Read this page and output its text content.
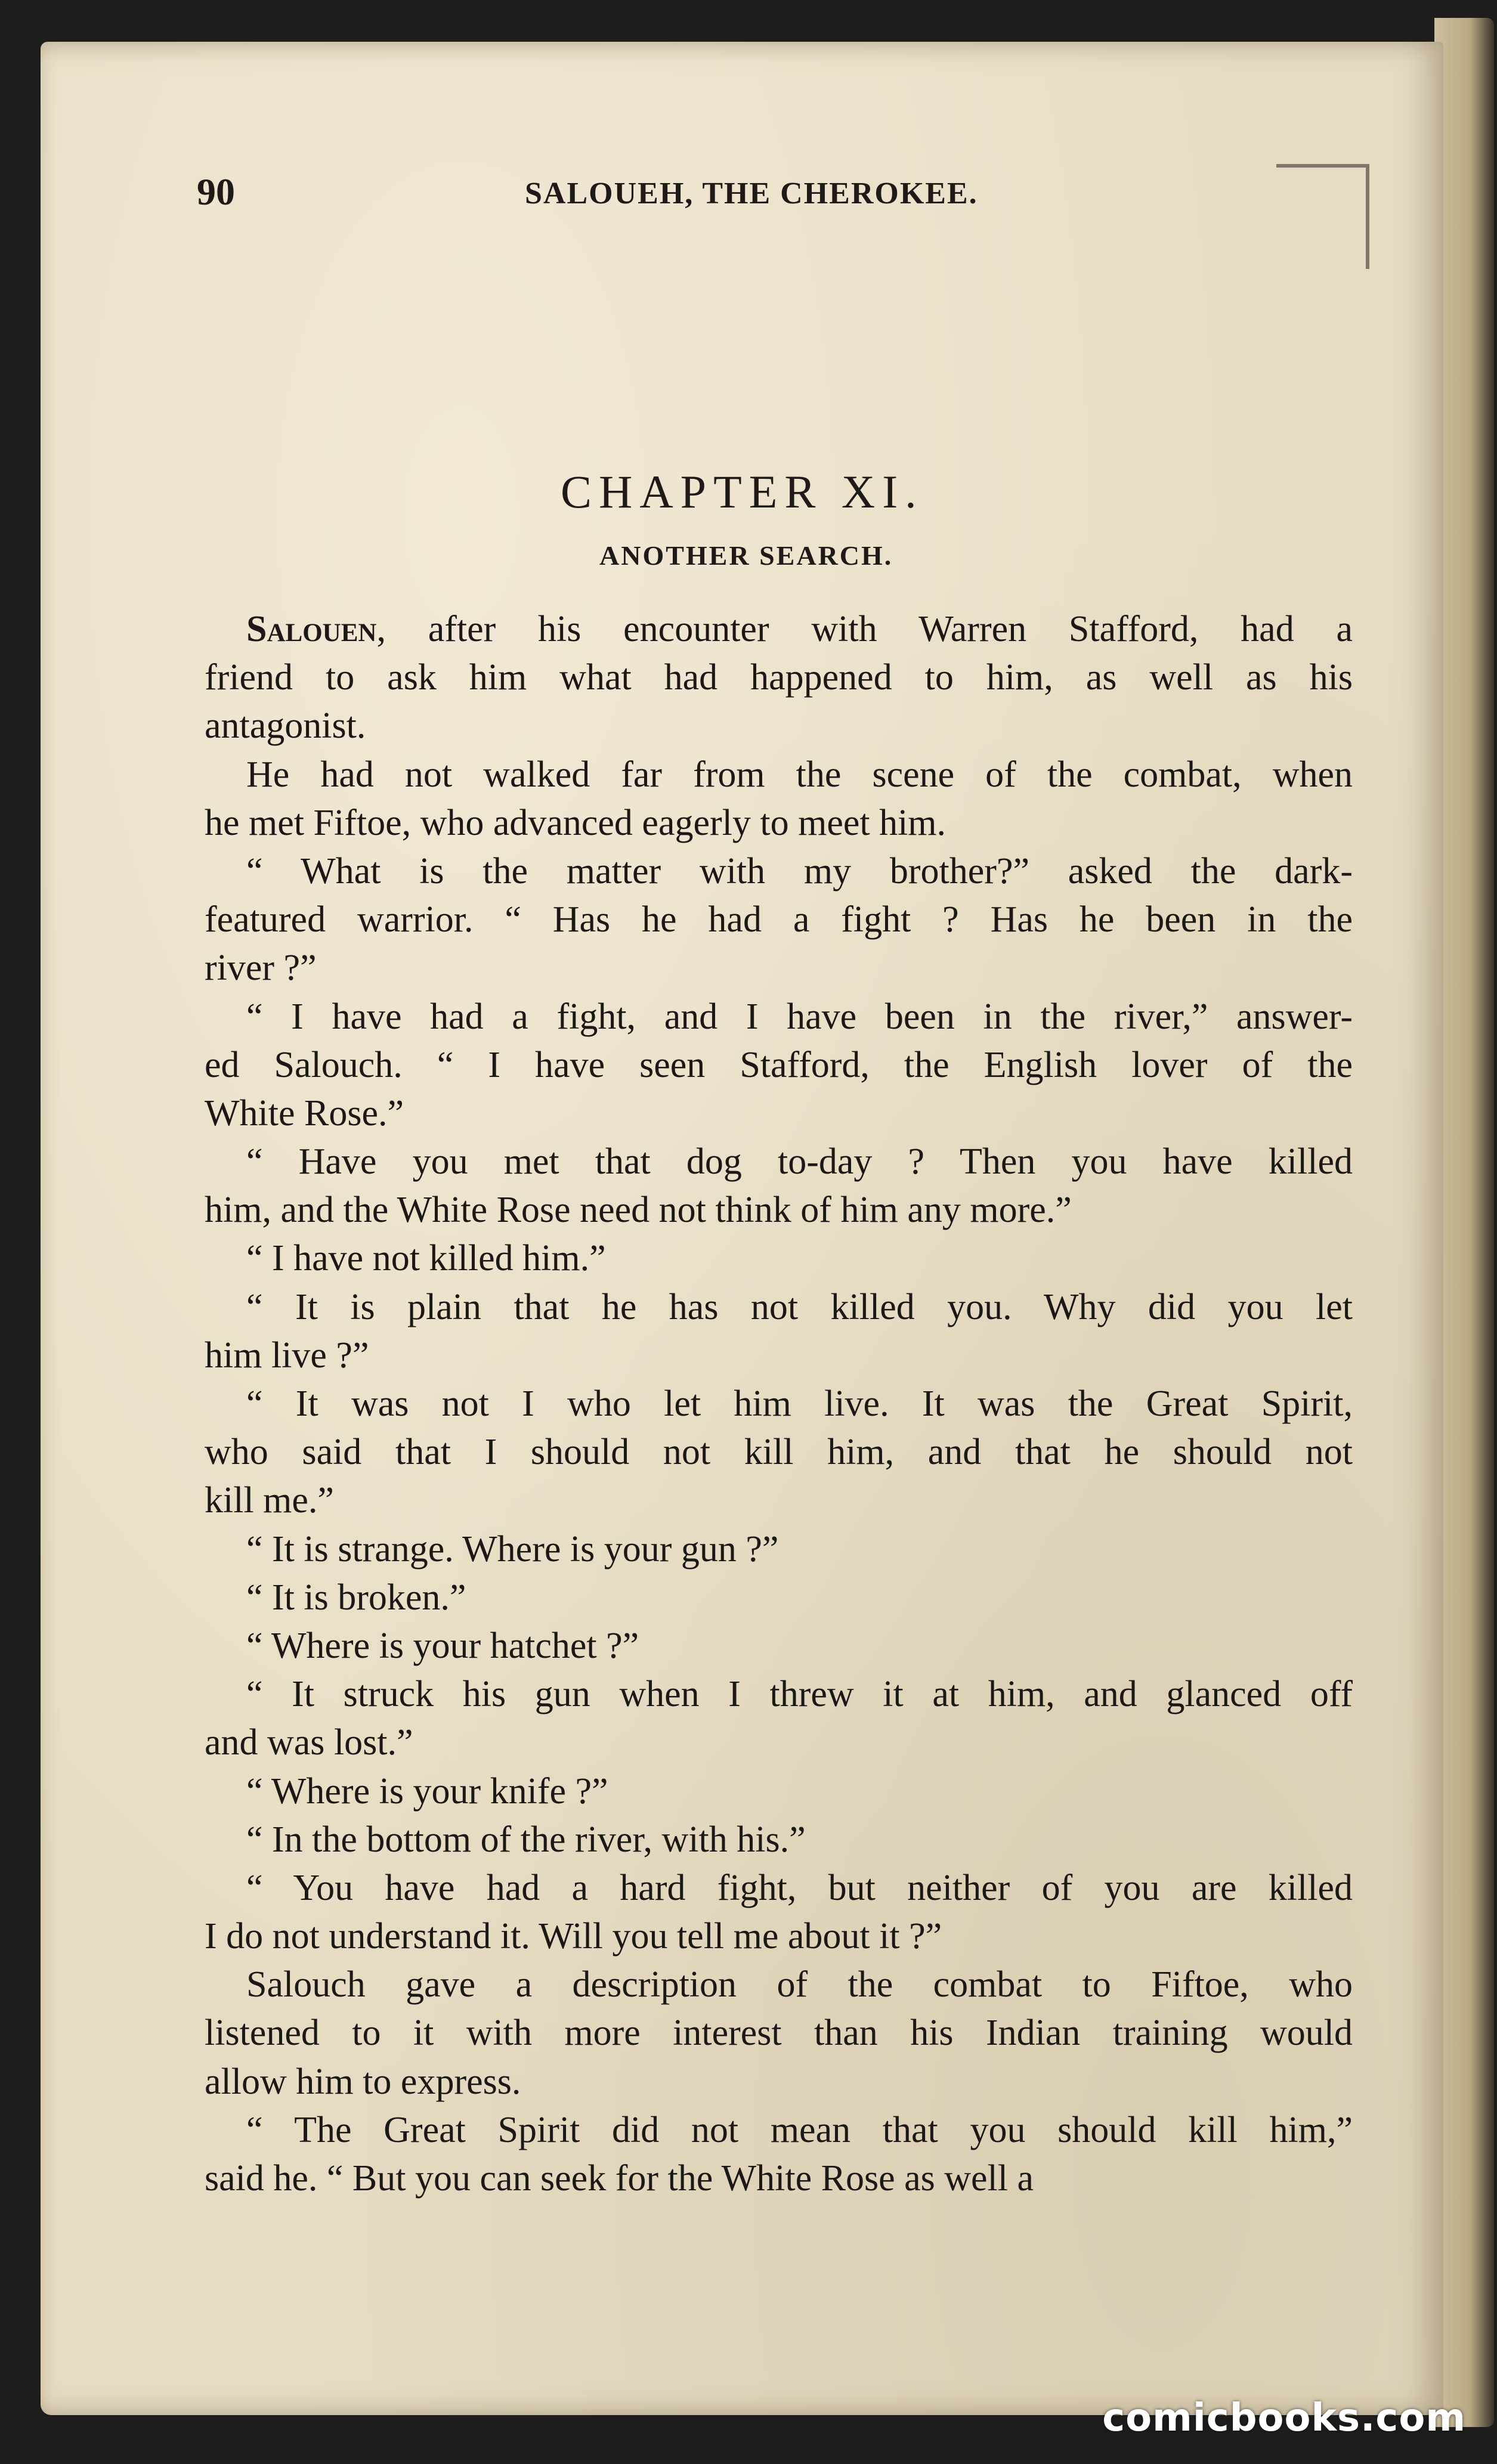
90	SALOUEH, THE CHEROKEE.
CHAPTER XI.
ANOTHER SEARCH.
Salouen, after his encounter with Warren Stafford, had a
friend to ask him what had happened to him, as well as his
antagonist.
He had not walked far from the scene of the combat, when
he met Fiftoe, who advanced eagerly to meet him.
“ What is the matter with my brother?” asked the dark-
featured warrior. “ Has he had a fight ? Has he been in the
river ?”
“ I have had a fight, and I have been in the river,” answer-
ed Salouch. “ I have seen Stafford, the English lover of the
White Rose.”
“ Have you met that dog to-day ? Then you have killed
him, and the White Rose need not think of him any more.”
“ I have not killed him.”
“ It is plain that he has not killed you. Why did you let
him live ?”
“ It was not I who let him live. It was the Great Spirit,
who said that I should not kill him, and that he should not
kill me.”
“ It is strange. Where is your gun ?”
“ It is broken.”
“ Where is your hatchet ?”
“ It struck his gun when I threw it at him, and glanced off
and was lost.”
“ Where is your knife ?”
“ In the bottom of the river, with his.”
“ You have had a hard fight, but neither of you are killed
I do not understand it. Will you tell me about it ?”
Salouch gave a description of the combat to Fiftoe, who
listened to it with more interest than his Indian training would
allow him to express.
“ The Great Spirit did not mean that you should kill him,”
said he. “ But you can seek for the White Rose as well a
comicbooks.com
